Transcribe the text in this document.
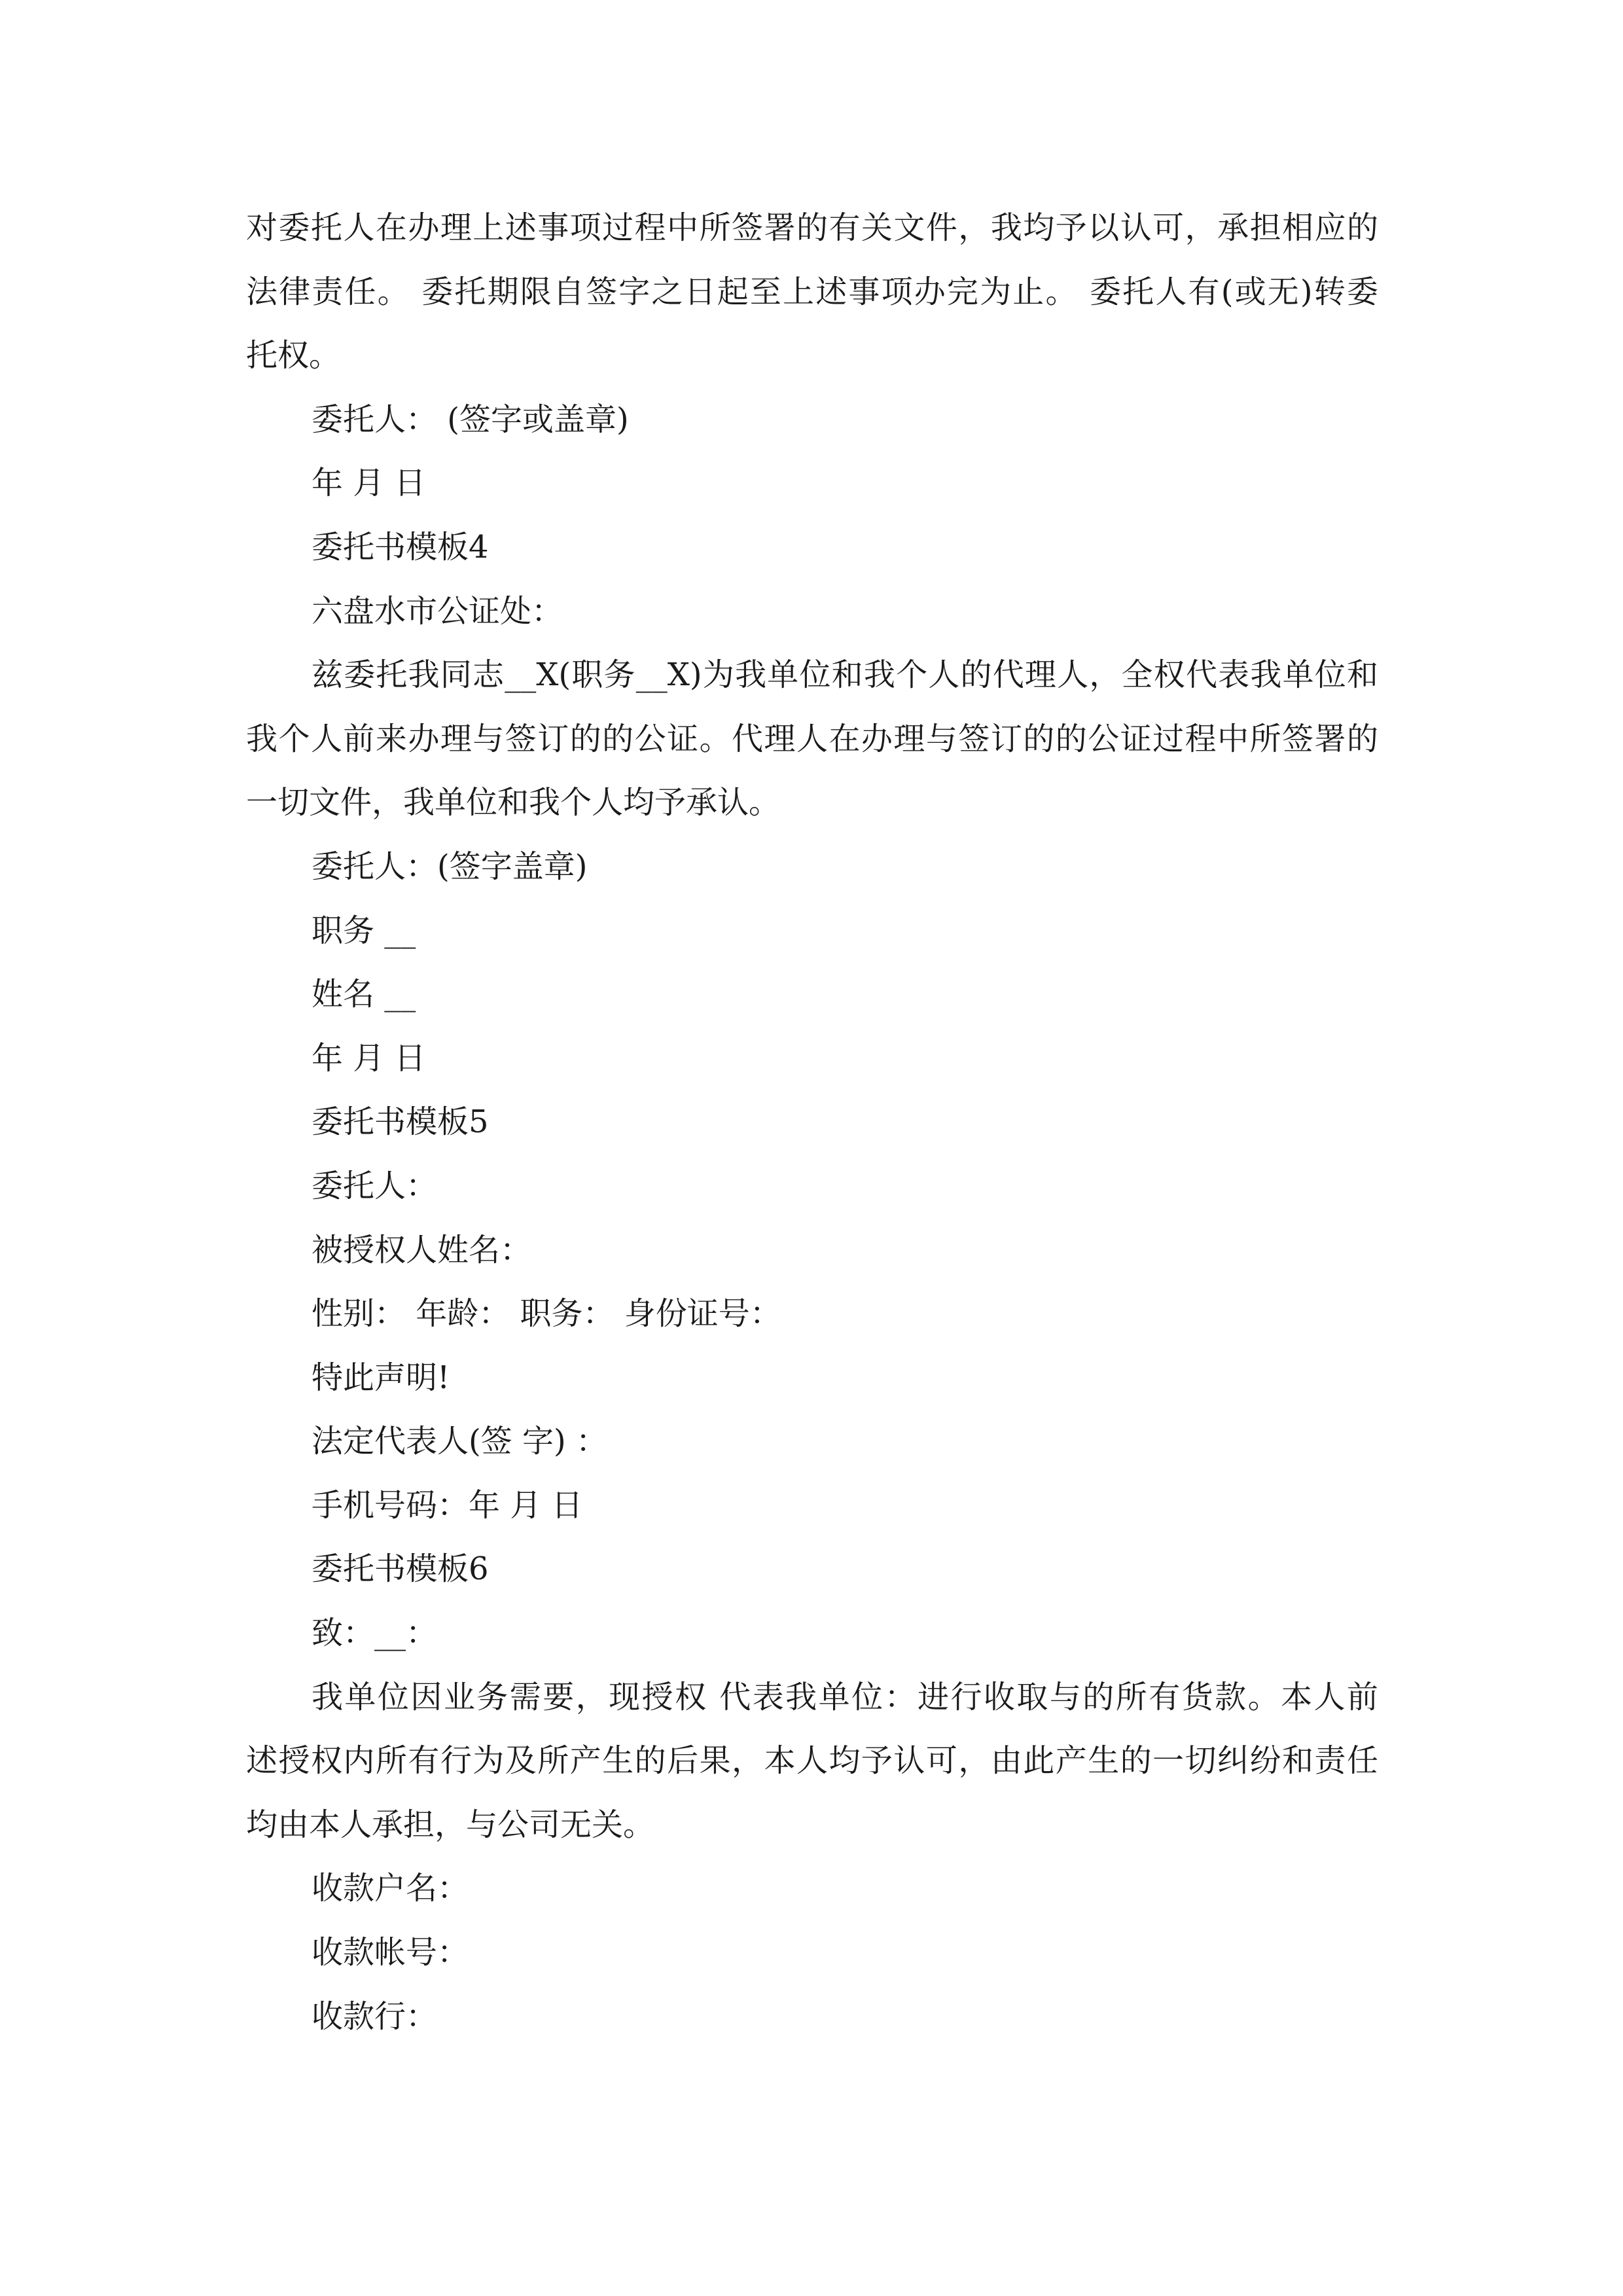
对委托人在办理上述事项过程中所签署的有关文件，我均予以认可，承担相应的

法律责任。 委托期限自签字之日起至上述事项办完为止。 委托人有(或无)转委

托权。

委托人： (签字或盖章)

年 月 日

委托书模板4

六盘水市公证处：

兹委托我同志__X(职务__X)为我单位和我个人的代理人，全权代表我单位和

我个人前来办理与签订的的公证。代理人在办理与签订的的公证过程中所签署的

一切文件，我单位和我个人均予承认。

委托人：(签字盖章)

职务 __

姓名 __

年 月 日

委托书模板5

委托人：

被授权人姓名：

性别： 年龄： 职务： 身份证号：

特此声明!

法定代表人(签 字) ：

手机号码：年 月 日

委托书模板6

致：__：

我单位因业务需要，现授权 代表我单位：进行收取与的所有货款。本人前

述授权内所有行为及所产生的后果，本人均予认可，由此产生的一切纠纷和责任

均由本人承担，与公司无关。

收款户名：

收款帐号：

收款行：
